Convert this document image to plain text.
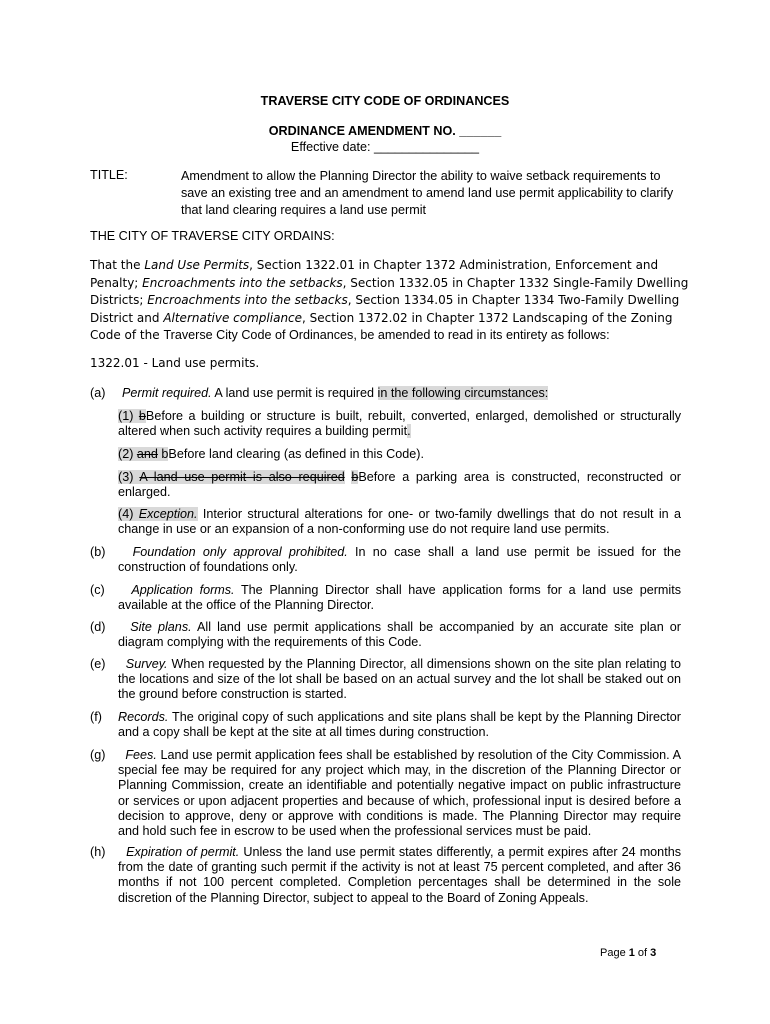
TRAVERSE CITY CODE OF ORDINANCES
ORDINANCE AMENDMENT NO. ______
Effective date: _______________
TITLE:	Amendment to allow the Planning Director the ability to waive setback requirements to save an existing tree and an amendment to amend land use permit applicability to clarify that land clearing requires a land use permit
THE CITY OF TRAVERSE CITY ORDAINS:
That the Land Use Permits, Section 1322.01 in Chapter 1372 Administration, Enforcement and Penalty; Encroachments into the setbacks, Section 1332.05 in Chapter 1332 Single-Family Dwelling Districts; Encroachments into the setbacks, Section 1334.05 in Chapter 1334 Two-Family Dwelling District and Alternative compliance, Section 1372.02 in Chapter 1372 Landscaping of the Zoning Code of the Traverse City Code of Ordinances, be amended to read in its entirety as follows:
1322.01 - Land use permits.
(a) Permit required. A land use permit is required in the following circumstances:
(1) bBefore a building or structure is built, rebuilt, converted, enlarged, demolished or structurally altered when such activity requires a building permit.
(2) and bBefore land clearing (as defined in this Code).
(3) A land use permit is also required bBefore a parking area is constructed, reconstructed or enlarged.
(4) Exception. Interior structural alterations for one- or two-family dwellings that do not result in a change in use or an expansion of a non-conforming use do not require land use permits.
(b)	Foundation only approval prohibited. In no case shall a land use permit be issued for the construction of foundations only.
(c)	Application forms. The Planning Director shall have application forms for a land use permits available at the office of the Planning Director.
(d)	Site plans. All land use permit applications shall be accompanied by an accurate site plan or diagram complying with the requirements of this Code.
(e)	Survey. When requested by the Planning Director, all dimensions shown on the site plan relating to the locations and size of the lot shall be based on an actual survey and the lot shall be staked out on the ground before construction is started.
(f) Records. The original copy of such applications and site plans shall be kept by the Planning Director and a copy shall be kept at the site at all times during construction.
(g)	Fees. Land use permit application fees shall be established by resolution of the City Commission. A special fee may be required for any project which may, in the discretion of the Planning Director or Planning Commission, create an identifiable and potentially negative impact on public infrastructure or services or upon adjacent properties and because of which, professional input is desired before a decision to approve, deny or approve with conditions is made. The Planning Director may require and hold such fee in escrow to be used when the professional services must be paid.
(h)	Expiration of permit. Unless the land use permit states differently, a permit expires after 24 months from the date of granting such permit if the activity is not at least 75 percent completed, and after 36 months if not 100 percent completed. Completion percentages shall be determined in the sole discretion of the Planning Director, subject to appeal to the Board of Zoning Appeals.
Page 1 of 3
